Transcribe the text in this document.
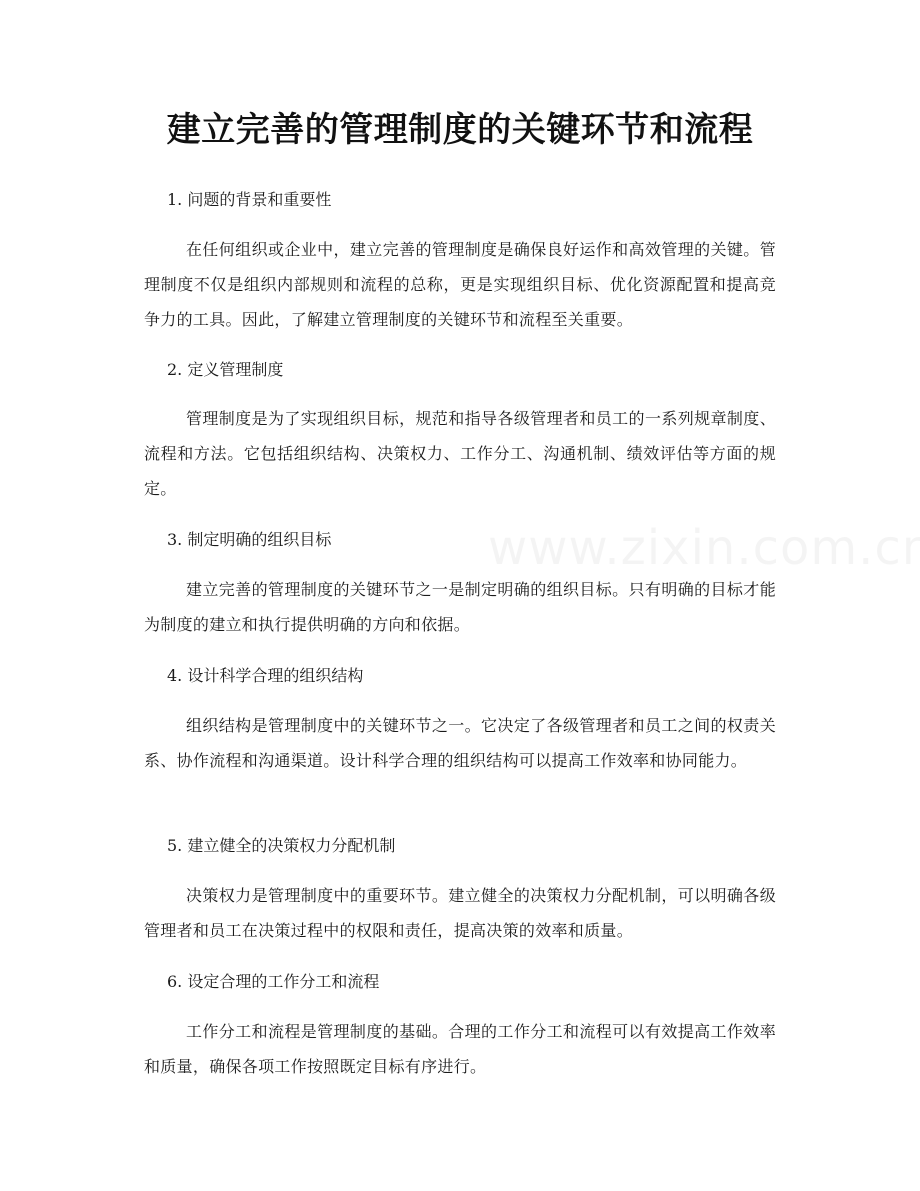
建立完善的管理制度的关键环节和流程

1. 问题的背景和重要性

在任何组织或企业中，建立完善的管理制度是确保良好运作和高效管理的关键。管理制度不仅是组织内部规则和流程的总称，更是实现组织目标、优化资源配置和提高竞争力的工具。因此，了解建立管理制度的关键环节和流程至关重要。

2. 定义管理制度

管理制度是为了实现组织目标，规范和指导各级管理者和员工的一系列规章制度、流程和方法。它包括组织结构、决策权力、工作分工、沟通机制、绩效评估等方面的规定。

3. 制定明确的组织目标

建立完善的管理制度的关键环节之一是制定明确的组织目标。只有明确的目标才能为制度的建立和执行提供明确的方向和依据。

4. 设计科学合理的组织结构

组织结构是管理制度中的关键环节之一。它决定了各级管理者和员工之间的权责关系、协作流程和沟通渠道。设计科学合理的组织结构可以提高工作效率和协同能力。

5. 建立健全的决策权力分配机制

决策权力是管理制度中的重要环节。建立健全的决策权力分配机制，可以明确各级管理者和员工在决策过程中的权限和责任，提高决策的效率和质量。

6. 设定合理的工作分工和流程

工作分工和流程是管理制度的基础。合理的工作分工和流程可以有效提高工作效率和质量，确保各项工作按照既定目标有序进行。
